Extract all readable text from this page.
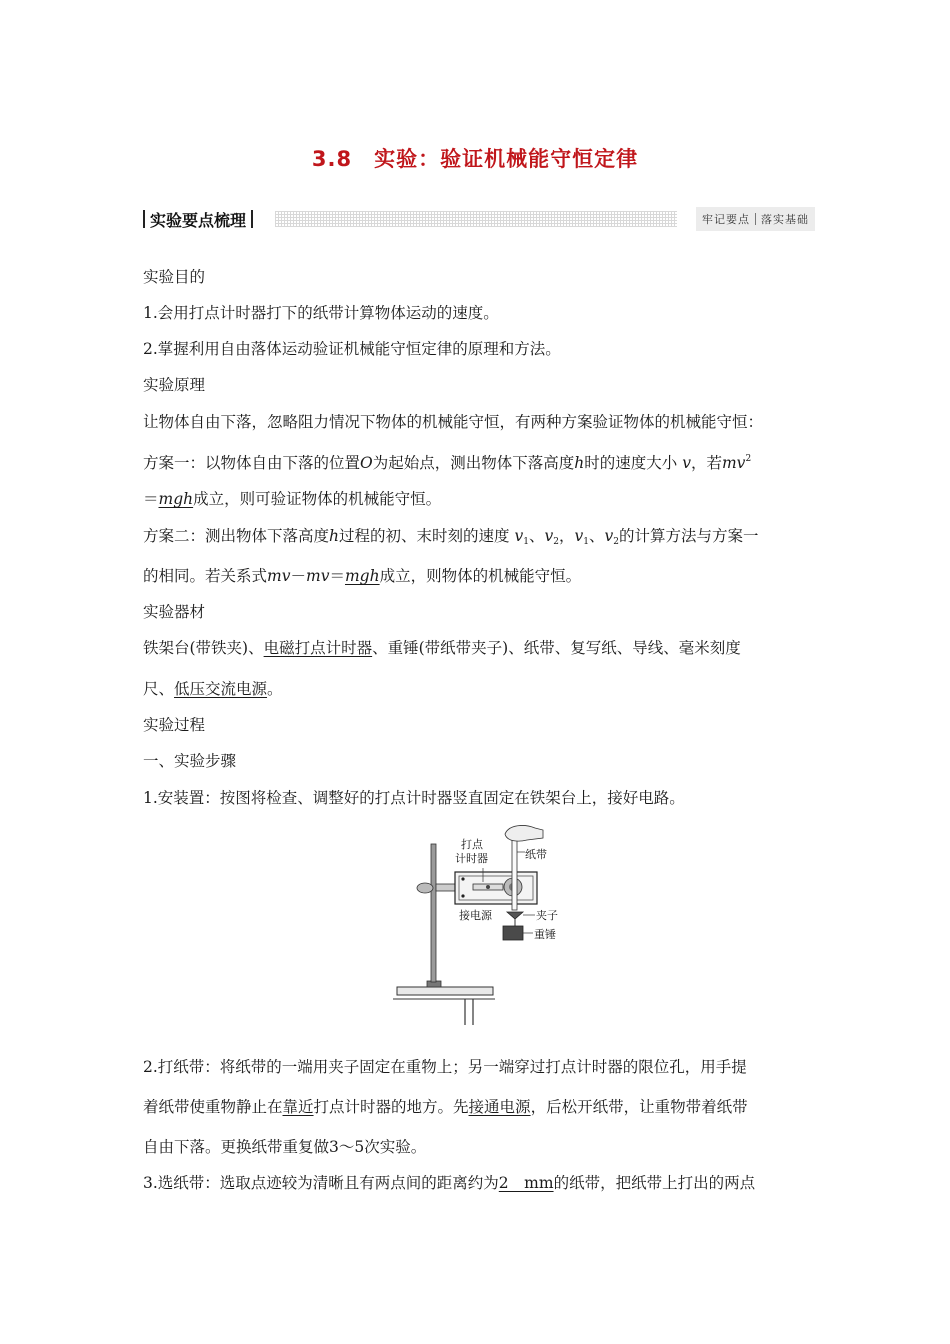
3.8　实验：验证机械能守恒定律
实验要点梳理	牢记要点 落实基础
实验目的
1.会用打点计时器打下的纸带计算物体运动的速度。
2.掌握利用自由落体运动验证机械能守恒定律的原理和方法。
实验原理
让物体自由下落，忽略阻力情况下物体的机械能守恒，有两种方案验证物体的机械能守恒：
方案一：以物体自由下落的位置O为起始点，测出物体下落高度h时的速度大小 v，若$mv^2$
＝mgh成立，则可验证物体的机械能守恒。
方案二：测出物体下落高度h过程的初、末时刻的速度 $v_1$、$v_2$，$v_1$、$v_2$的计算方法与方案一
的相同。若关系式mv－mv＝mgh成立，则物体的机械能守恒。
实验器材
铁架台(带铁夹)、电磁打点计时器、重锤(带纸带夹子)、纸带、复写纸、导线、毫米刻度
尺、低压交流电源。
实验过程
一、实验步骤
1.安装置：按图将检查、调整好的打点计时器竖直固定在铁架台上，接好电路。
打点
计时器	纸带
接电源	夹子
重锤
2.打纸带：将纸带的一端用夹子固定在重物上；另一端穿过打点计时器的限位孔，用手提
着纸带使重物静止在靠近打点计时器的地方。先接通电源，后松开纸带，让重物带着纸带
自由下落。更换纸带重复做3～5次实验。
3.选纸带：选取点迹较为清晰且有两点间的距离约为2　mm的纸带，把纸带上打出的两点
